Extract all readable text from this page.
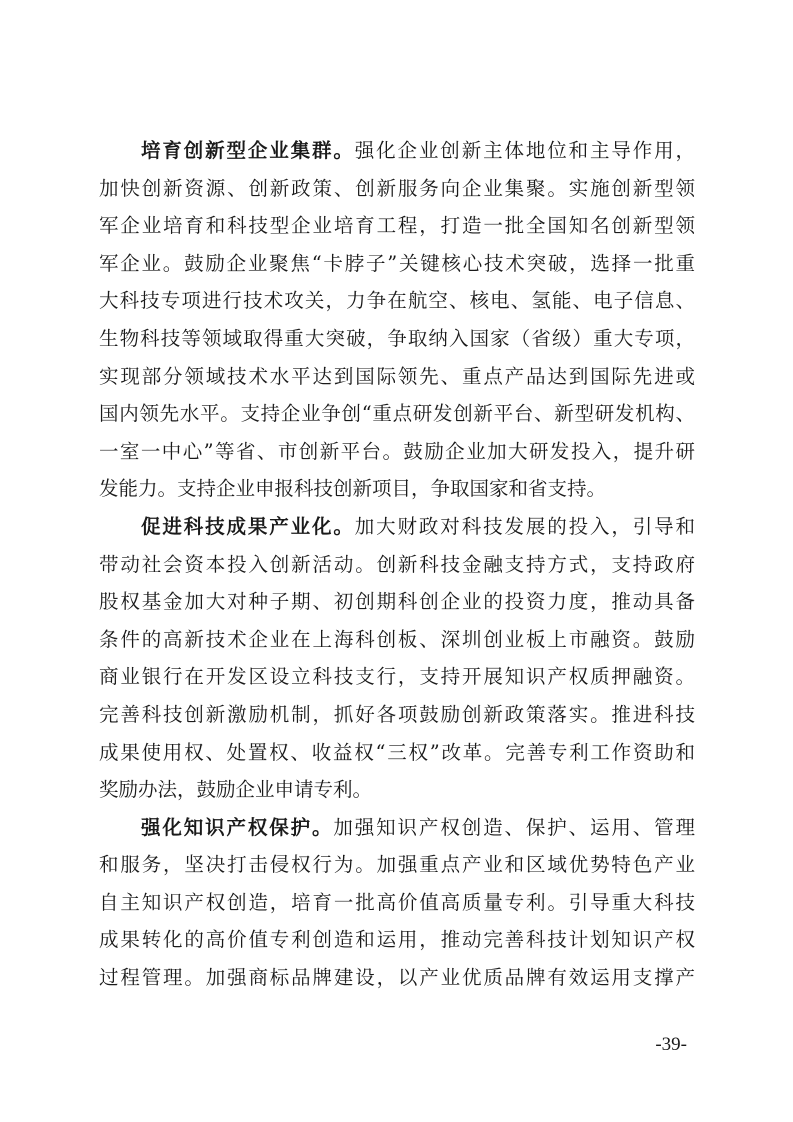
培育创新型企业集群。强化企业创新主体地位和主导作用，
加快创新资源、创新政策、创新服务向企业集聚。实施创新型领
军企业培育和科技型企业培育工程，打造一批全国知名创新型领
军企业。鼓励企业聚焦“卡脖子”关键核心技术突破，选择一批重
大科技专项进行技术攻关，力争在航空、核电、氢能、电子信息、
生物科技等领域取得重大突破，争取纳入国家（省级）重大专项，
实现部分领域技术水平达到国际领先、重点产品达到国际先进或
国内领先水平。支持企业争创“重点研发创新平台、新型研发机构、
一室一中心”等省、市创新平台。鼓励企业加大研发投入，提升研
发能力。支持企业申报科技创新项目，争取国家和省支持。
促进科技成果产业化。加大财政对科技发展的投入，引导和
带动社会资本投入创新活动。创新科技金融支持方式，支持政府
股权基金加大对种子期、初创期科创企业的投资力度，推动具备
条件的高新技术企业在上海科创板、深圳创业板上市融资。鼓励
商业银行在开发区设立科技支行，支持开展知识产权质押融资。
完善科技创新激励机制，抓好各项鼓励创新政策落实。推进科技
成果使用权、处置权、收益权“三权”改革。完善专利工作资助和
奖励办法，鼓励企业申请专利。
强化知识产权保护。加强知识产权创造、保护、运用、管理
和服务，坚决打击侵权行为。加强重点产业和区域优势特色产业
自主知识产权创造，培育一批高价值高质量专利。引导重大科技
成果转化的高价值专利创造和运用，推动完善科技计划知识产权
过程管理。加强商标品牌建设，以产业优质品牌有效运用支撑产
-39-
